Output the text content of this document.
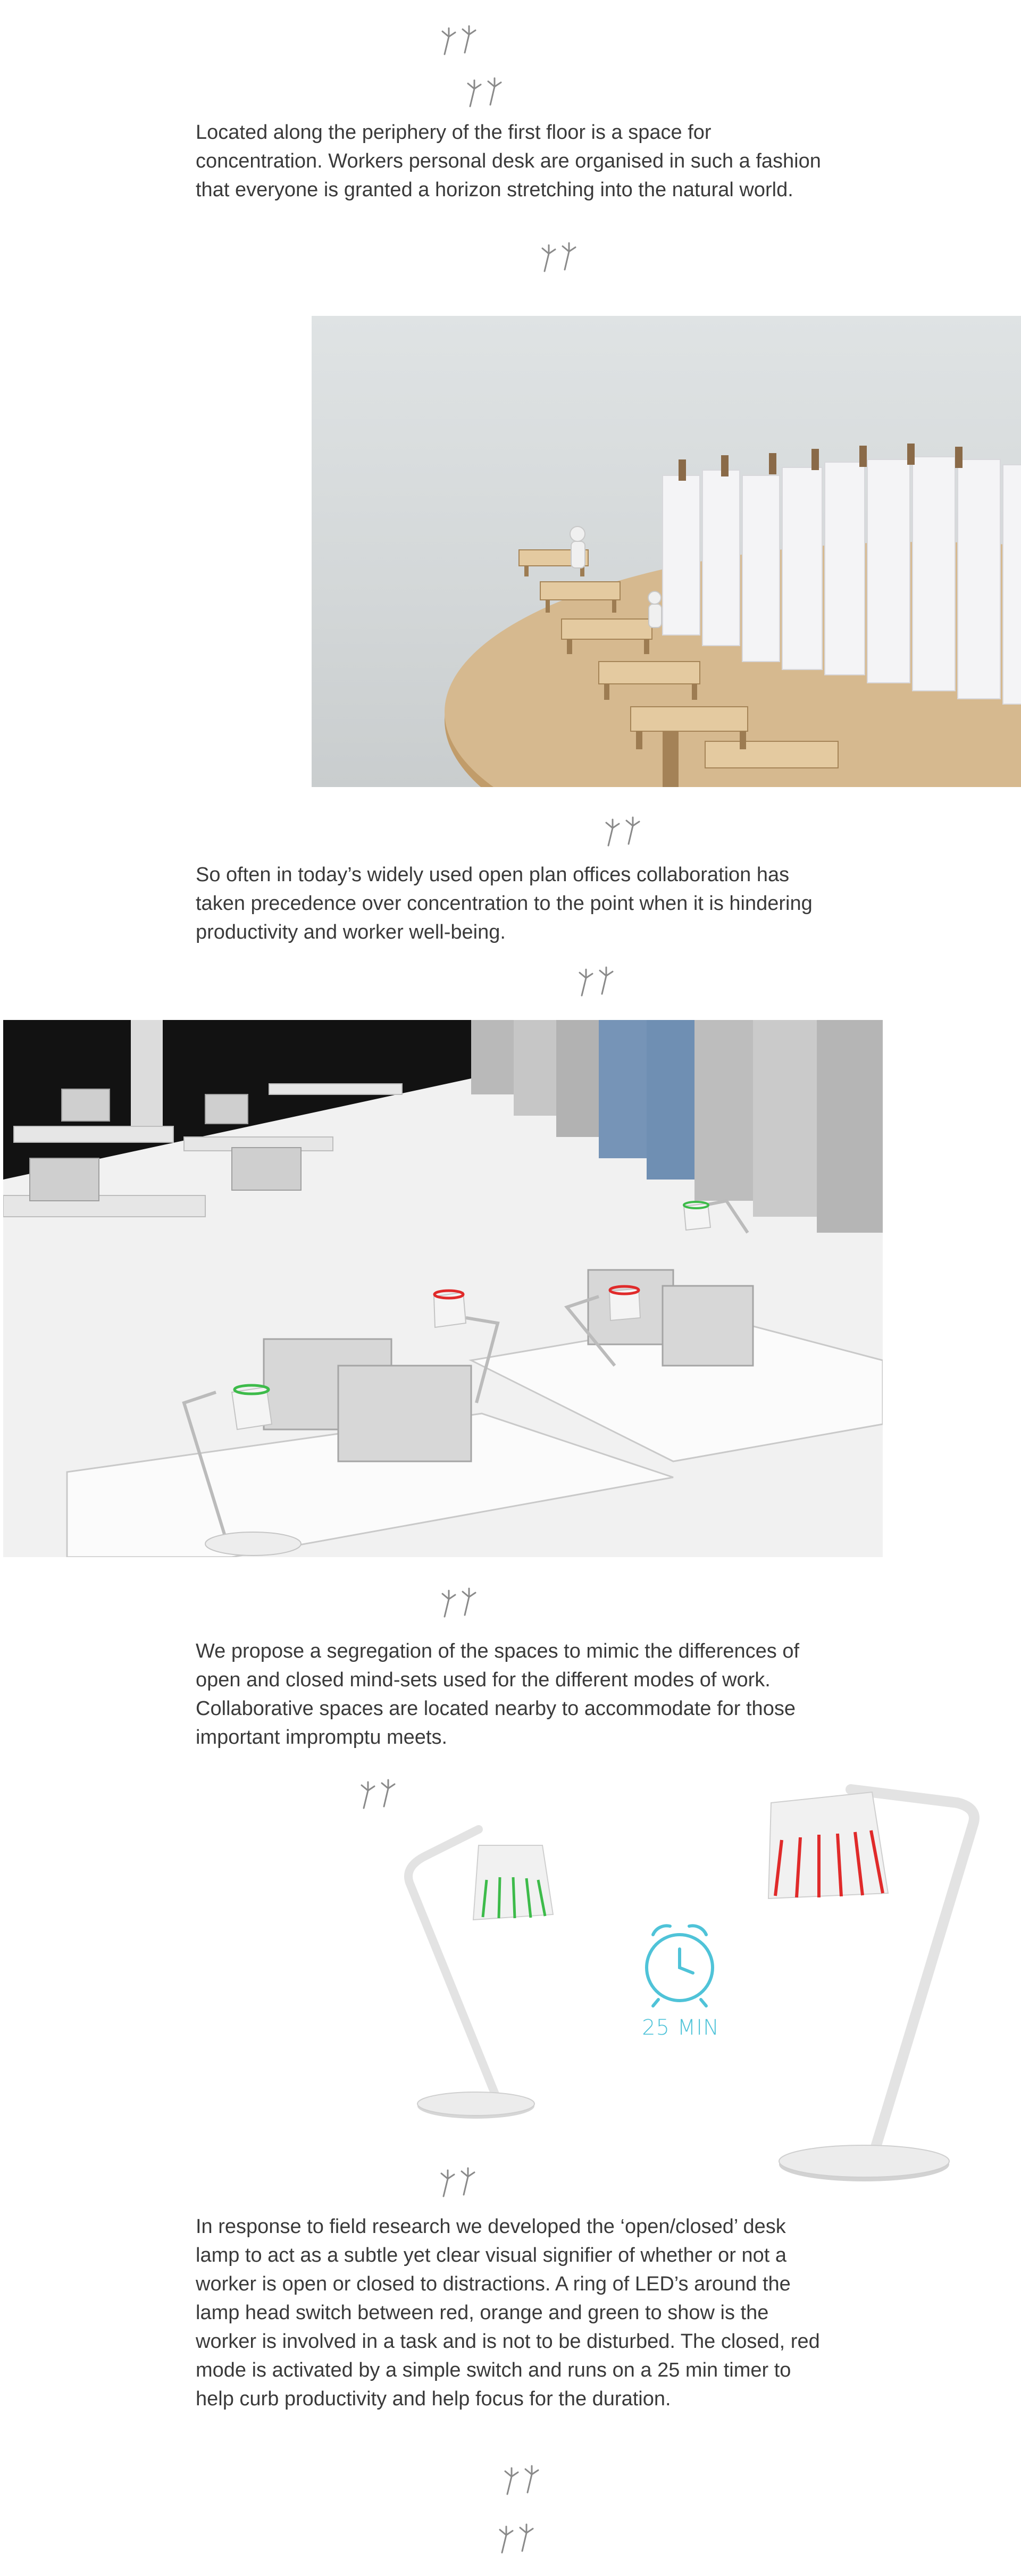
Located along the periphery of the first floor is a space for concentration. Workers personal desk are organised in such a fashion that everyone is granted a horizon stretching into the natural world.

So often in today’s widely used open plan offices collaboration has taken precedence over concentration to the point when it is hindering productivity and worker well-being.

We propose a segregation of the spaces to mimic the differences of open and closed mind-sets used for the different modes of work. Collaborative spaces are located nearby to accommodate for those important impromptu meets.

25 MIN

In response to field research we developed the ‘open/closed’ desk lamp to act as a subtle yet clear visual signifier of whether or not a worker is open or closed to distractions. A ring of LED’s around the lamp head switch between red, orange and green to show is the worker is involved in a task and is not to be disturbed. The closed, red mode is activated by a simple switch and runs on a 25 min timer to help curb productivity and help focus for the duration.
